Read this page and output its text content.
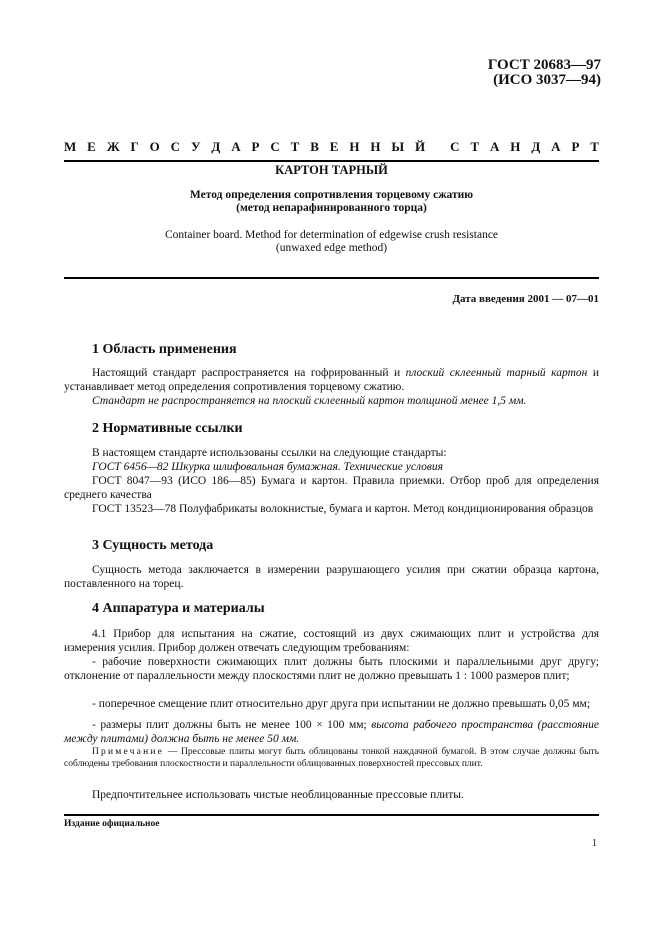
ГОСТ 20683—97
(ИСО 3037—94)
М Е Ж Г О С У Д А Р С Т В Е Н Н Ы Й
С Т А Н Д А Р Т
КАРТОН ТАРНЫЙ
Метод определения сопротивления торцевому сжатию
(метод непарафинированного торца)
Container board. Method for determination of edgewise crush resistance
(unwaxed edge method)
Дата введения 2001 — 07—01
1 Область применения
Настоящий стандарт распространяется на гофрированный и плоский склеенный тарный картон и устанавливает метод определения сопротивления торцевому сжатию.
Стандарт не распространяется на плоский склеенный картон толщиной менее 1,5 мм.
2 Нормативные ссылки
В настоящем стандарте использованы ссылки на следующие стандарты:
ГОСТ 6456—82 Шкурка шлифовальная бумажная. Технические условия
ГОСТ 8047—93 (ИСО 186—85) Бумага и картон. Правила приемки. Отбор проб для определения среднего качества
ГОСТ 13523—78 Полуфабрикаты волокнистые, бумага и картон. Метод кондиционирования образцов
3 Сущность метода
Сущность метода заключается в измерении разрушающего усилия при сжатии образца картона, поставленного на торец.
4 Аппаратура и материалы
4.1 Прибор для испытания на сжатие, состоящий из двух сжимающих плит и устройства для измерения усилия. Прибор должен отвечать следующим требованиям:
- рабочие поверхности сжимающих плит должны быть плоскими и параллельными друг другу; отклонение от параллельности между плоскостями плит не должно превышать 1 : 1000 размеров плит;
- поперечное смещение плит относительно друг друга при испытании не должно превышать 0,05 мм;
- размеры плит должны быть не менее 100 × 100 мм; высота рабочего пространства (расстояние между плитами) должна быть не менее 50 мм.
Примечание — Прессовые плиты могут быть облицованы тонкой наждачной бумагой. В этом случае должны быть соблюдены требования плоскостности и параллельности облицованных поверхностей прессовых плит.
Предпочтительнее использовать чистые необлицованные прессовые плиты.
Издание официальное
1
